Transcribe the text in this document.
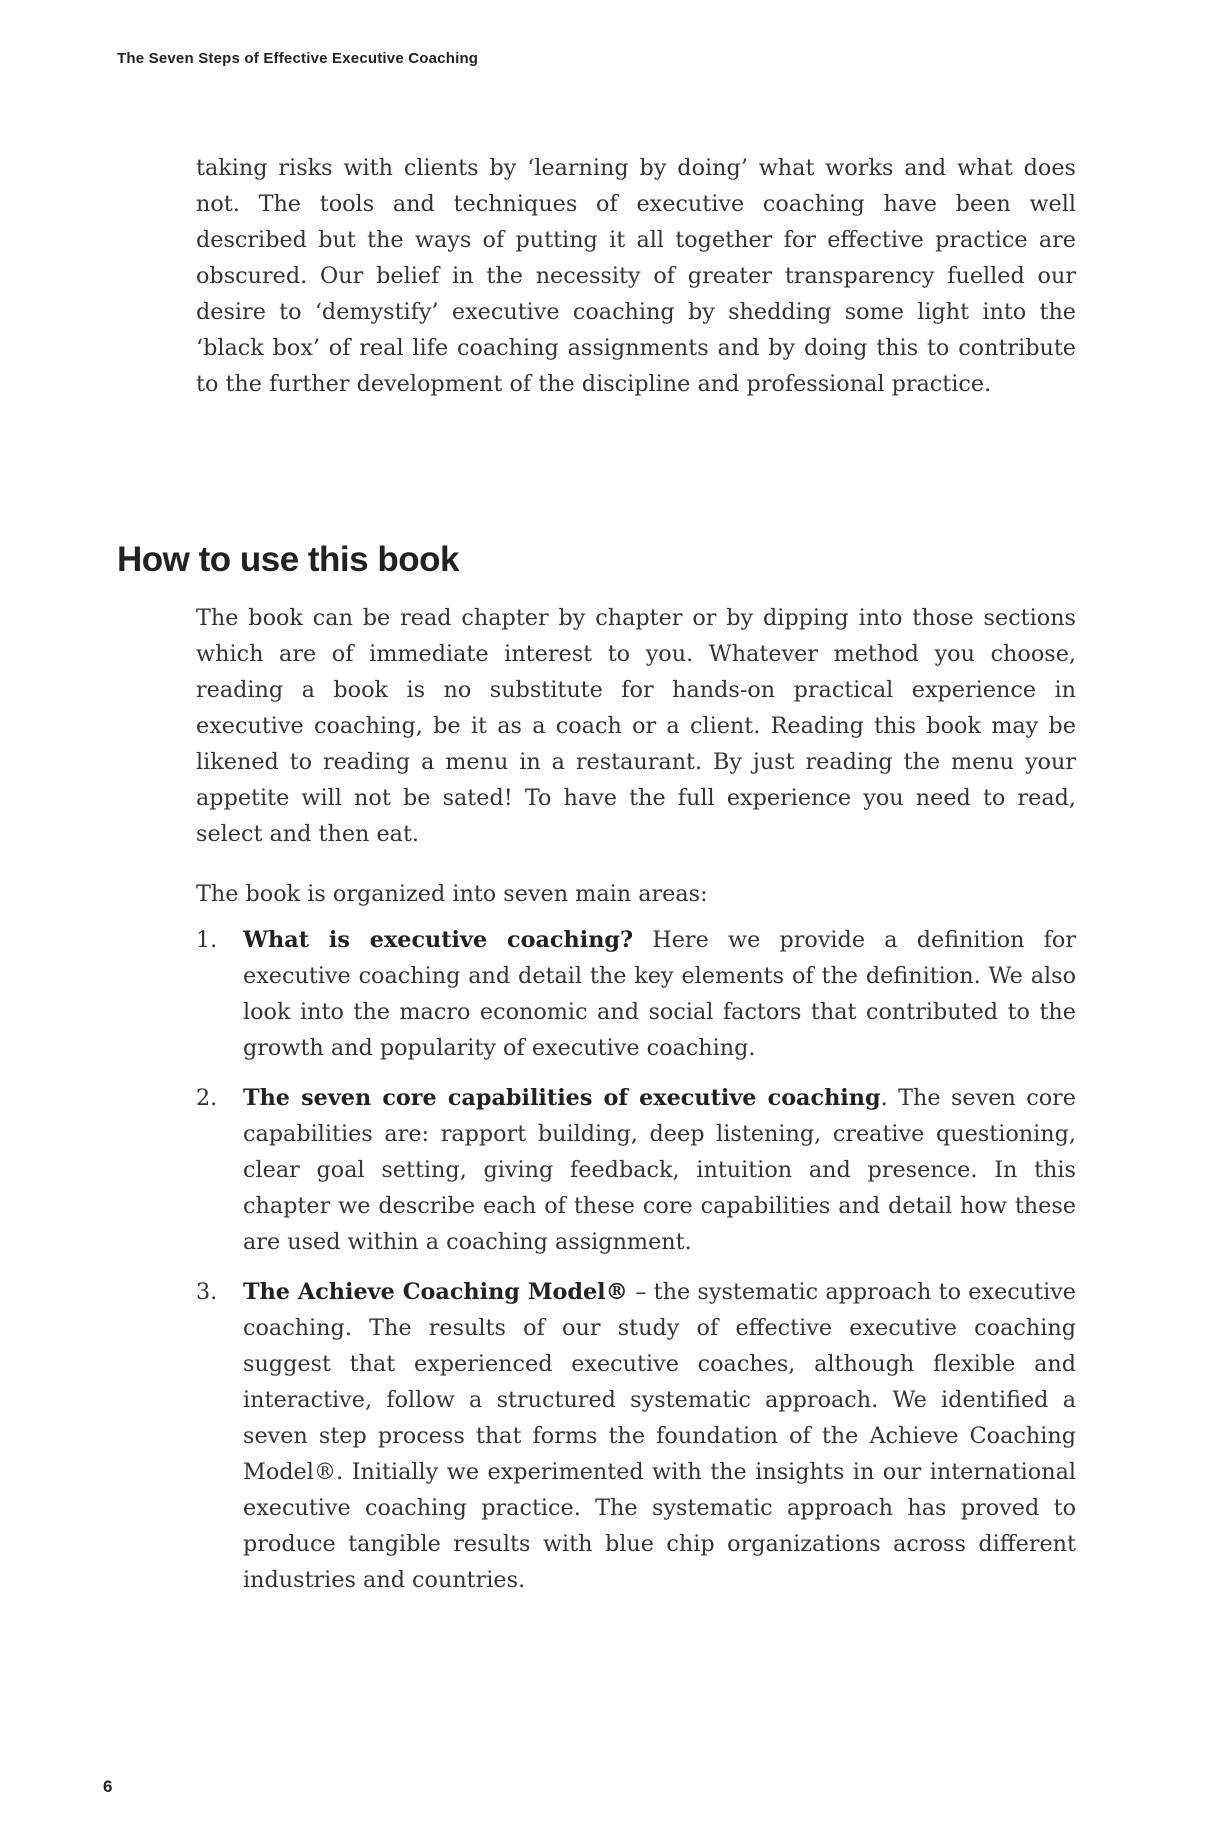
The Seven Steps of Effective Executive Coaching

taking risks with clients by ‘learning by doing’ what works and what does not. The tools and techniques of executive coaching have been well described but the ways of putting it all together for effective practice are obscured. Our belief in the necessity of greater transparency fuelled our desire to ‘demystify’ executive coaching by shedding some light into the ‘black box’ of real life coaching assignments and by doing this to contribute to the further development of the discipline and professional practice.

How to use this book

The book can be read chapter by chapter or by dipping into those sections which are of immediate interest to you. Whatever method you choose, reading a book is no substitute for hands-on practical experience in executive coaching, be it as a coach or a client. Reading this book may be likened to reading a menu in a restaurant. By just reading the menu your appetite will not be sated! To have the full experience you need to read, select and then eat.

The book is organized into seven main areas:

1. What is executive coaching? Here we provide a definition for executive coaching and detail the key elements of the definition. We also look into the macro economic and social factors that contributed to the growth and popularity of executive coaching.
2. The seven core capabilities of executive coaching. The seven core capabilities are: rapport building, deep listening, creative questioning, clear goal setting, giving feedback, intuition and presence. In this chapter we describe each of these core capabilities and detail how these are used within a coaching assignment.
3. The Achieve Coaching Model® – the systematic approach to executive coaching. The results of our study of effective executive coaching suggest that experienced executive coaches, although flexible and interactive, follow a structured systematic approach. We identified a seven step process that forms the foundation of the Achieve Coaching Model®. Initially we experimented with the insights in our international executive coaching practice. The systematic approach has proved to produce tangible results with blue chip organizations across different industries and countries.
6
